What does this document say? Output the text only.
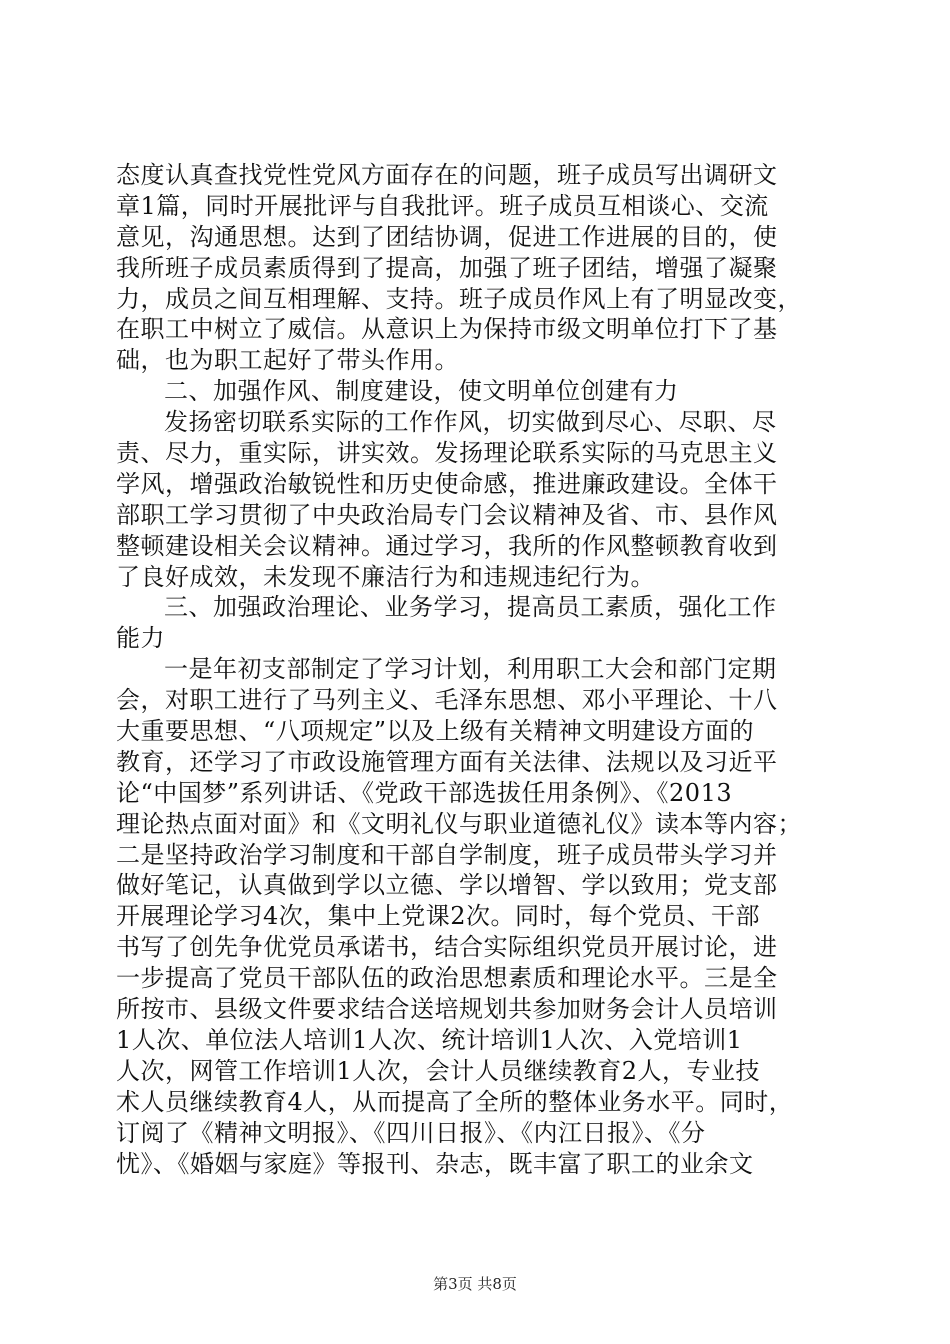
态度认真查找党性党风方面存在的问题，班子成员写出调研文
章1篇，同时开展批评与自我批评。班子成员互相谈心、交流
意见，沟通思想。达到了团结协调，促进工作进展的目的，使
我所班子成员素质得到了提高，加强了班子团结，增强了凝聚
力，成员之间互相理解、支持。班子成员作风上有了明显改变，
在职工中树立了威信。从意识上为保持市级文明单位打下了基
础，也为职工起好了带头作用。
二、加强作风、制度建设，使文明单位创建有力
发扬密切联系实际的工作作风，切实做到尽心、尽职、尽
责、尽力，重实际，讲实效。发扬理论联系实际的马克思主义
学风，增强政治敏锐性和历史使命感，推进廉政建设。全体干
部职工学习贯彻了中央政治局专门会议精神及省、市、县作风
整顿建设相关会议精神。通过学习，我所的作风整顿教育收到
了良好成效，未发现不廉洁行为和违规违纪行为。
三、加强政治理论、业务学习，提高员工素质，强化工作
能力
一是年初支部制定了学习计划，利用职工大会和部门定期
会，对职工进行了马列主义、毛泽东思想、邓小平理论、十八
大重要思想、“八项规定”以及上级有关精神文明建设方面的
教育，还学习了市政设施管理方面有关法律、法规以及习近平
论“中国梦”系列讲话、《党政干部选拔任用条例》、《2013
理论热点面对面》和《文明礼仪与职业道德礼仪》读本等内容；
二是坚持政治学习制度和干部自学制度，班子成员带头学习并
做好笔记，认真做到学以立德、学以增智、学以致用；党支部
开展理论学习4次，集中上党课2次。同时，每个党员、干部
书写了创先争优党员承诺书，结合实际组织党员开展讨论，进
一步提高了党员干部队伍的政治思想素质和理论水平。三是全
所按市、县级文件要求结合送培规划共参加财务会计人员培训
1人次、单位法人培训1人次、统计培训1人次、入党培训1
人次，网管工作培训1人次，会计人员继续教育2人，专业技
术人员继续教育4人，从而提高了全所的整体业务水平。同时，
订阅了《精神文明报》、《四川日报》、《内江日报》、《分
忧》、《婚姻与家庭》等报刊、杂志，既丰富了职工的业余文
第3页 共8页
